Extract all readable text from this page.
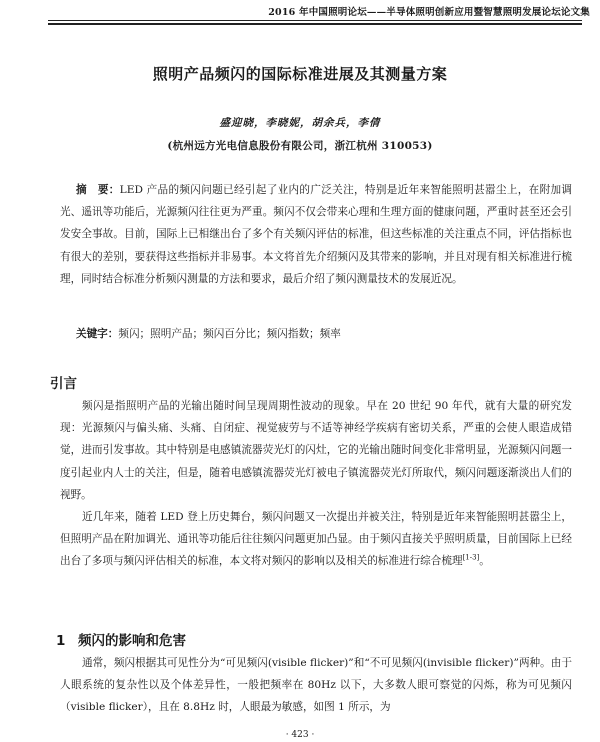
2016 年中国照明论坛——半导体照明创新应用暨智慧照明发展论坛论文集
照明产品频闪的国际标准进展及其测量方案
盛迎晓，李晓妮，胡余兵，李倩
(杭州远方光电信息股份有限公司，浙江杭州 310053)

摘　要：LED 产品的频闪问题已经引起了业内的广泛关注，特别是近年来智能照明甚嚣尘上，在附加调光、遥讯等功能后，光源频闪往往更为严重。频闪不仅会带来心理和生理方面的健康问题，严重时甚至还会引发安全事故。目前，国际上已相继出台了多个有关频闪评估的标准，但这些标准的关注重点不同，评估指标也有很大的差别，要获得这些指标并非易事。本文将首先介绍频闪及其带来的影响，并且对现有相关标准进行梳理，同时结合标准分析频闪测量的方法和要求，最后介绍了频闪测量技术的发展近况。

关键字：频闪；照明产品；频闪百分比；频闪指数；频率

引言

频闪是指照明产品的光输出随时间呈现周期性波动的现象。早在 20 世纪 90 年代，就有大量的研究发现：光源频闪与偏头痛、头痛、自闭症、视觉疲劳与不适等神经学疾病有密切关系，严重的会使人眼造成错觉，进而引发事故。其中特别是电感镇流器荧光灯的闪灶，它的光输出随时间变化非常明显，光源频闪问题一度引起业内人士的关注，但是，随着电感镇流器荧光灯被电子镇流器荧光灯所取代，频闪问题逐渐淡出人们的视野。

近几年来，随着 LED 登上历史舞台，频闪问题又一次提出并被关注，特别是近年来智能照明甚嚣尘上，但照明产品在附加调光、通讯等功能后往往频闪问题更加凸显。由于频闪直接关乎照明质量，目前国际上已经出台了多项与频闪评估相关的标准，本文将对频闪的影响以及相关的标准进行综合梳理[1-3]。

1 频闪的影响和危害

通常，频闪根据其可见性分为“可见频闪(visible flicker)”和“不可见频闪(invisible flicker)”两种。由于人眼系统的复杂性以及个体差异性，一般把频率在 80Hz 以下，大多数人眼可察觉的闪烁，称为可见频闪（visible flicker），且在 8.8Hz 时，人眼最为敏感，如图 1 所示，为

· 423 ·
